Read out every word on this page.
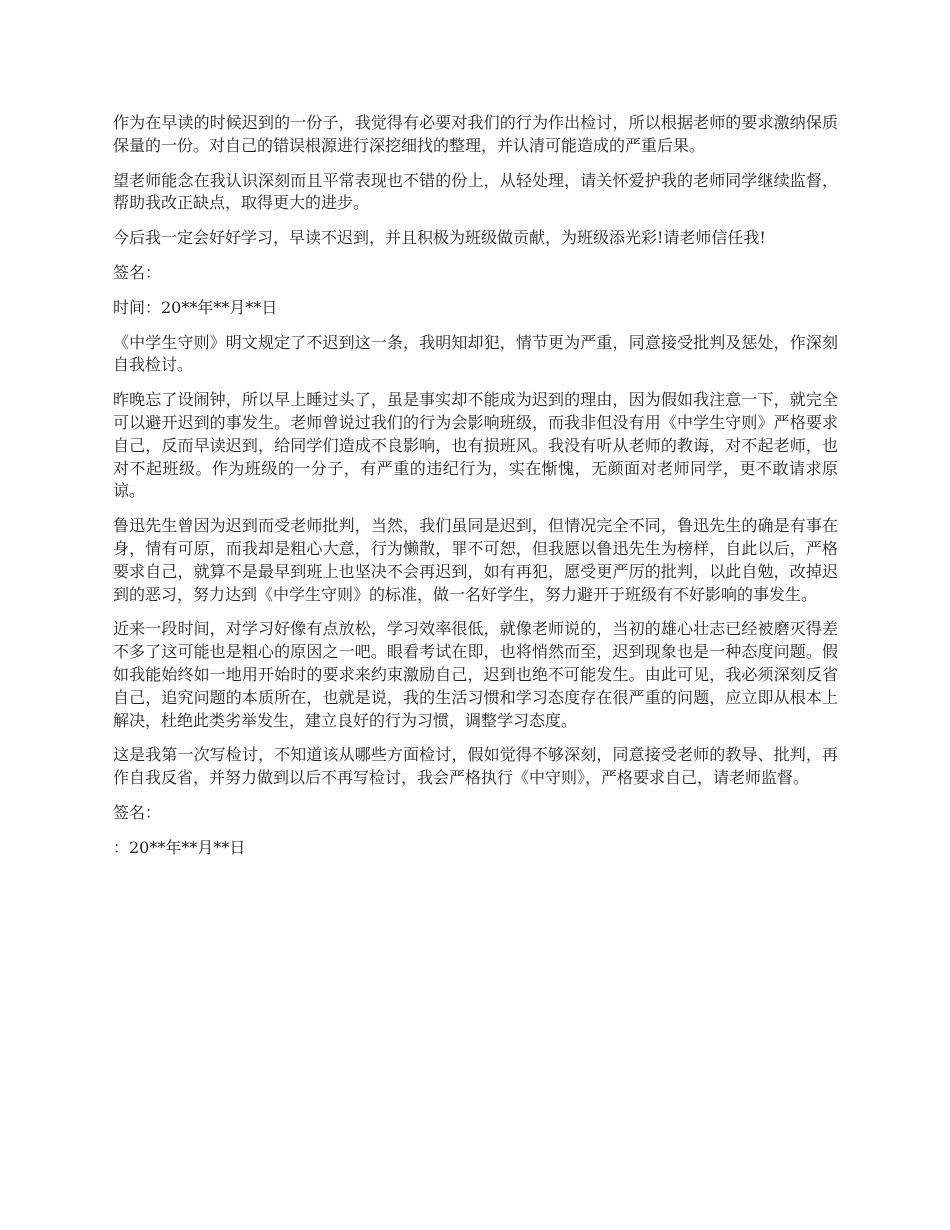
作为在早读的时候迟到的一份子，我觉得有必要对我们的行为作出检讨，所以根据老师的要求激纳保质保量的一份。对自己的错误根源进行深挖细找的整理，并认清可能造成的严重后果。

望老师能念在我认识深刻而且平常表现也不错的份上，从轻处理，请关怀爱护我的老师同学继续监督，帮助我改正缺点，取得更大的进步。

今后我一定会好好学习，早读不迟到，并且积极为班级做贡献，为班级添光彩!请老师信任我!

签名：

时间：20**年**月**日

《中学生守则》明文规定了不迟到这一条，我明知却犯，情节更为严重，同意接受批判及惩处，作深刻自我检讨。

昨晚忘了设闹钟，所以早上睡过头了，虽是事实却不能成为迟到的理由，因为假如我注意一下，就完全可以避开迟到的事发生。老师曾说过我们的行为会影响班级，而我非但没有用《中学生守则》严格要求自己，反而早读迟到，给同学们造成不良影响，也有损班风。我没有听从老师的教诲，对不起老师，也对不起班级。作为班级的一分子，有严重的违纪行为，实在惭愧，无颜面对老师同学，更不敢请求原谅。

鲁迅先生曾因为迟到而受老师批判，当然，我们虽同是迟到，但情况完全不同，鲁迅先生的确是有事在身，情有可原，而我却是粗心大意，行为懒散，罪不可恕，但我愿以鲁迅先生为榜样，自此以后，严格要求自己，就算不是最早到班上也坚决不会再迟到，如有再犯，愿受更严厉的批判，以此自勉，改掉迟到的恶习，努力达到《中学生守则》的标准，做一名好学生，努力避开于班级有不好影响的事发生。

近来一段时间，对学习好像有点放松，学习效率很低，就像老师说的，当初的雄心壮志已经被磨灭得差不多了这可能也是粗心的原因之一吧。眼看考试在即，也将悄然而至，迟到现象也是一种态度问题。假如我能始终如一地用开始时的要求来约束激励自己，迟到也绝不可能发生。由此可见，我必须深刻反省自己，追究问题的本质所在，也就是说，我的生活习惯和学习态度存在很严重的问题，应立即从根本上解决，杜绝此类劣举发生，建立良好的行为习惯，调整学习态度。

这是我第一次写检讨，不知道该从哪些方面检讨，假如觉得不够深刻，同意接受老师的教导、批判，再作自我反省，并努力做到以后不再写检讨，我会严格执行《中守则》，严格要求自己，请老师监督。

签名：

：20**年**月**日
